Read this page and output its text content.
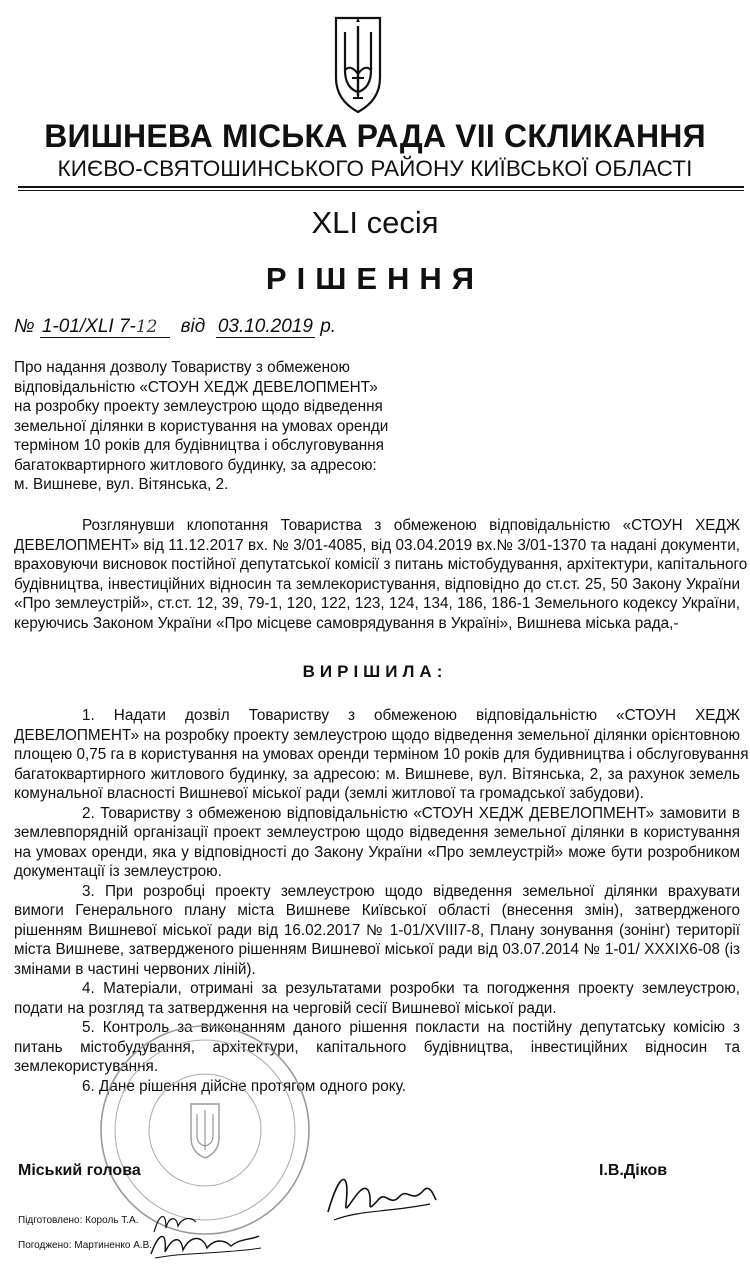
ВИШНЕВА МІСЬКА РАДА VII СКЛИКАННЯ
КИЄВО-СВЯТОШИНСЬКОГО РАЙОНУ КИЇВСЬКОЇ ОБЛАСТІ
XLI сесія
РІШЕННЯ
№ 1-01/XLI 7-12 від 03.10.2019 р.
Про надання дозволу Товариству з обмеженою
відповідальністю «СТОУН ХЕДЖ ДЕВЕЛОПМЕНТ»
на розробку проекту землеустрою щодо відведення
земельної ділянки в користування на умовах оренди
терміном 10 років для будівництва і обслуговування
багатоквартирного житлового будинку, за адресою:
м. Вишневе, вул. Вітянська, 2.
Розглянувши клопотання Товариства з обмеженою відповідальністю «СТОУН ХЕДЖ
ДЕВЕЛОПМЕНТ» від 11.12.2017 вх. № 3/01-4085, від 03.04.2019 вх.№ 3/01-1370 та надані документи,
враховуючи висновок постійної депутатської комісії з питань містобудування, архітектури, капітального
будівництва, інвестиційних відносин та землекористування, відповідно до ст.ст. 25, 50 Закону України
«Про землеустрій», ст.ст. 12, 39, 79-1, 120, 122, 123, 124, 134, 186, 186-1 Земельного кодексу України,
керуючись Законом України «Про місцеве самоврядування в Україні», Вишнева міська рада,-
ВИРІШИЛА:
1. Надати дозвіл Товариству з обмеженою відповідальністю «СТОУН ХЕДЖ
ДЕВЕЛОПМЕНТ» на розробку проекту землеустрою щодо відведення земельної ділянки орієнтовною
площею 0,75 га в користування на умовах оренди терміном 10 років для будивництва і обслуговування
багатоквартирного житлового будинку, за адресою: м. Вишневе, вул. Вітянська, 2, за рахунок земель
комунальної власності Вишневої міської ради (землі житлової та громадської забудови).
2. Товариству з обмеженою відповідальністю «СТОУН ХЕДЖ ДЕВЕЛОПМЕНТ» замовити в
землевпорядній організації проект землеустрою щодо відведення земельної ділянки в користування
на умовах оренди, яка у відповідності до Закону України «Про землеустрій» може бути розробником
документації із землеустрою.
3. При розробці проекту землеустрою щодо відведення земельної ділянки врахувати
вимоги Генерального плану міста Вишневе Київської області (внесення змін), затвердженого
рішенням Вишневої міської ради від 16.02.2017 № 1-01/XVIII7-8, Плану зонування (зонінг) території
міста Вишневе, затвердженого рішенням Вишневої міської ради від 03.07.2014 № 1-01/ XXXIX6-08 (із
змінами в частині червоних ліній).
4. Матеріали, отримані за результатами розробки та погодження проекту землеустрою,
подати на розгляд та затвердження на черговій сесії Вишневої міської ради.
5. Контроль за виконанням даного рішення покласти на постійну депутатську комісію з
питань містобудування, архітектури, капітального будівництва, інвестиційних відносин та
землекористування.
6. Дане рішення дійсне протягом одного року.
Міський голова	І.В.Діков
Підготовлено: Король Т.А.
Погоджено: Мартиненко А.В.
